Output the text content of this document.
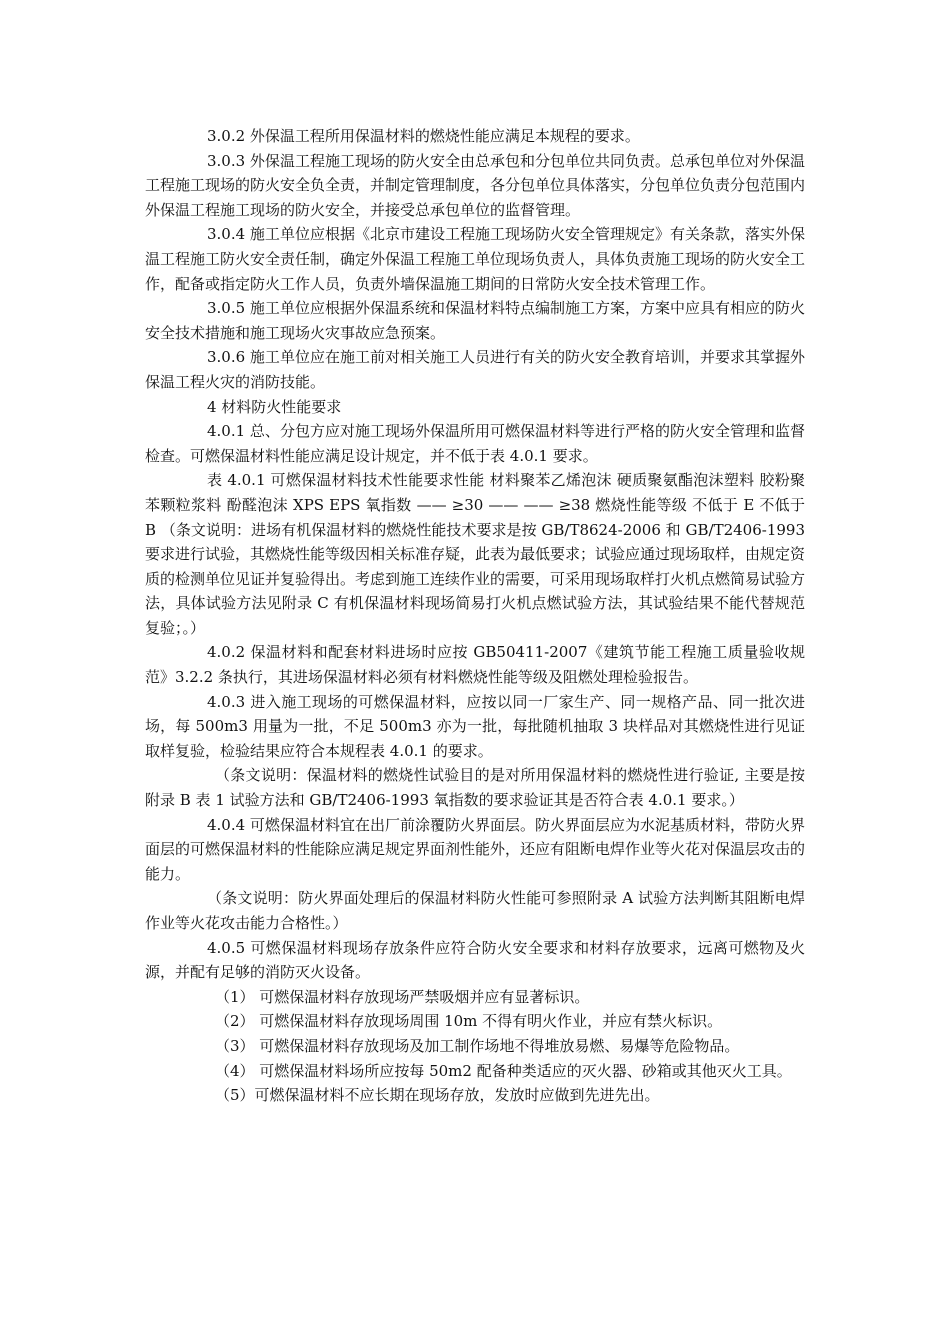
3.0.2 外保温工程所用保温材料的燃烧性能应满足本规程的要求。

3.0.3 外保温工程施工现场的防火安全由总承包和分包单位共同负责。总承包单位对外保温工程施工现场的防火安全负全责，并制定管理制度，各分包单位具体落实，分包单位负责分包范围内外保温工程施工现场的防火安全，并接受总承包单位的监督管理。

3.0.4 施工单位应根据《北京市建设工程施工现场防火安全管理规定》有关条款，落实外保温工程施工防火安全责任制，确定外保温工程施工单位现场负责人，具体负责施工现场的防火安全工作，配备或指定防火工作人员，负责外墙保温施工期间的日常防火安全技术管理工作。

3.0.5 施工单位应根据外保温系统和保温材料特点编制施工方案，方案中应具有相应的防火安全技术措施和施工现场火灾事故应急预案。

3.0.6 施工单位应在施工前对相关施工人员进行有关的防火安全教育培训，并要求其掌握外保温工程火灾的消防技能。

4 材料防火性能要求

4.0.1 总、分包方应对施工现场外保温所用可燃保温材料等进行严格的防火安全管理和监督检查。可燃保温材料性能应满足设计规定，并不低于表 4.0.1 要求。

表 4.0.1 可燃保温材料技术性能要求性能 材料聚苯乙烯泡沫 硬质聚氨酯泡沫塑料 胶粉聚苯颗粒浆料 酚醛泡沫 XPS EPS 氧指数 —— ≥30 —— —— ≥38 燃烧性能等级 不低于 E 不低于 B （条文说明：进场有机保温材料的燃烧性能技术要求是按 GB/T8624-2006 和 GB/T2406-1993 要求进行试验，其燃烧性能等级因相关标准存疑，此表为最低要求；试验应通过现场取样，由规定资质的检测单位见证并复验得出。考虑到施工连续作业的需要，可采用现场取样打火机点燃简易试验方法，具体试验方法见附录 C 有机保温材料现场简易打火机点燃试验方法，其试验结果不能代替规范复验；。）

4.0.2 保温材料和配套材料进场时应按 GB50411-2007《建筑节能工程施工质量验收规范》3.2.2 条执行，其进场保温材料必须有材料燃烧性能等级及阻燃处理检验报告。

4.0.3 进入施工现场的可燃保温材料，应按以同一厂家生产、同一规格产品、同一批次进场，每 500m3 用量为一批，不足 500m3 亦为一批，每批随机抽取 3 块样品对其燃烧性进行见证取样复验，检验结果应符合本规程表 4.0.1 的要求。

（条文说明：保温材料的燃烧性试验目的是对所用保温材料的燃烧性进行验证, 主要是按附录 B 表 1 试验方法和 GB/T2406-1993 氧指数的要求验证其是否符合表 4.0.1 要求。）

4.0.4 可燃保温材料宜在出厂前涂覆防火界面层。防火界面层应为水泥基质材料，带防火界面层的可燃保温材料的性能除应满足规定界面剂性能外，还应有阻断电焊作业等火花对保温层攻击的能力。

（条文说明：防火界面处理后的保温材料防火性能可参照附录 A 试验方法判断其阻断电焊作业等火花攻击能力合格性。）

4.0.5 可燃保温材料现场存放条件应符合防火安全要求和材料存放要求，远离可燃物及火源，并配有足够的消防灭火设备。

（1） 可燃保温材料存放现场严禁吸烟并应有显著标识。

（2） 可燃保温材料存放现场周围 10m 不得有明火作业，并应有禁火标识。

（3） 可燃保温材料存放现场及加工制作场地不得堆放易燃、易爆等危险物品。

（4） 可燃保温材料场所应按每 50m2 配备种类适应的灭火器、砂箱或其他灭火工具。

（5）可燃保温材料不应长期在现场存放，发放时应做到先进先出。
